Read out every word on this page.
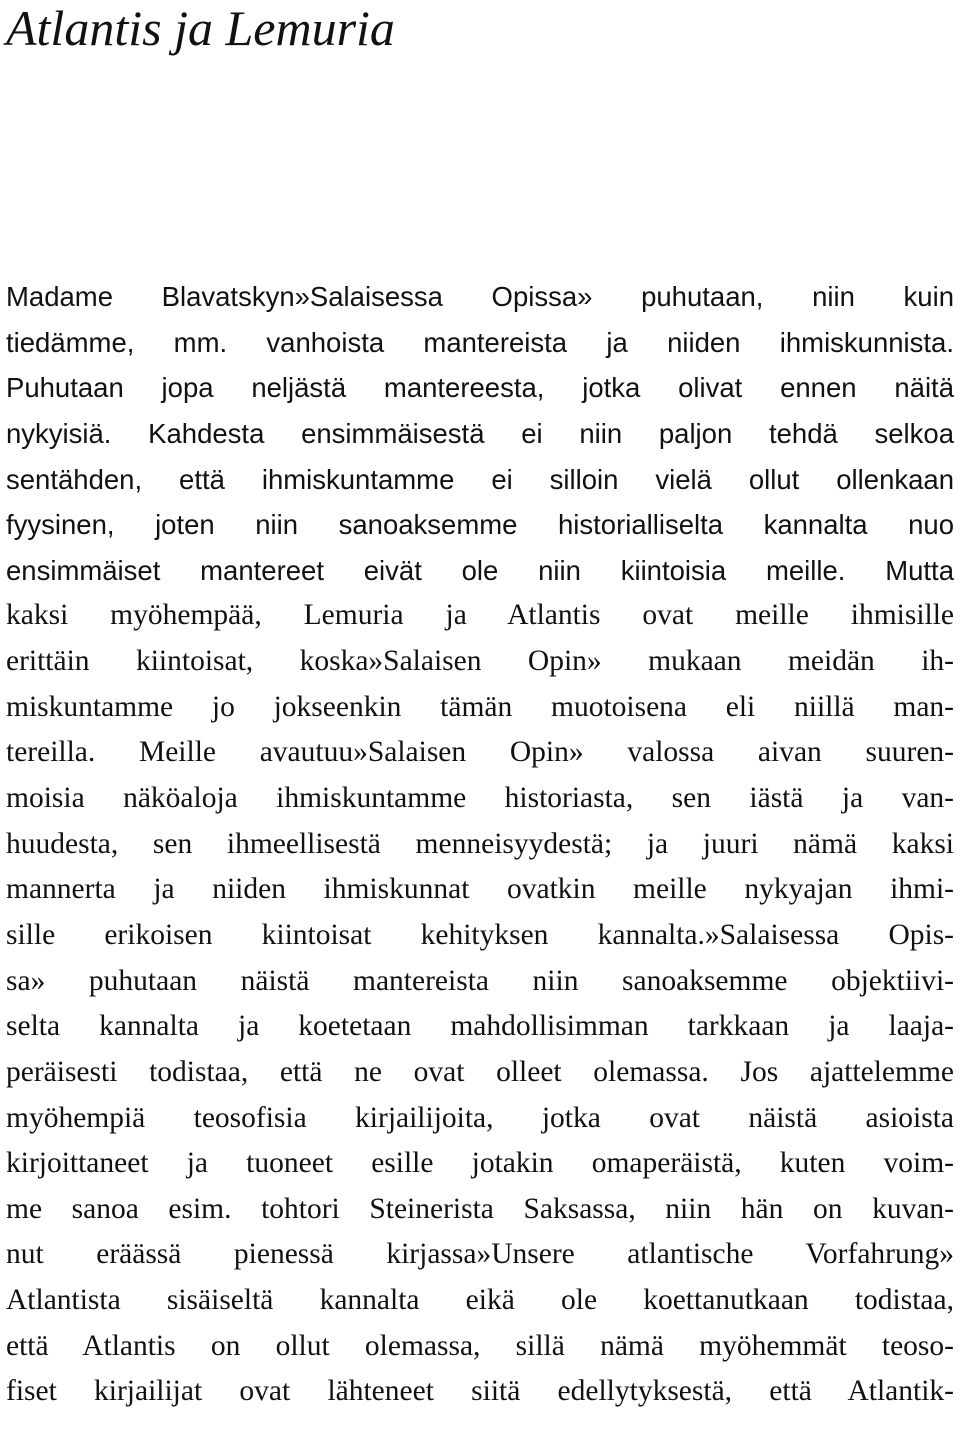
Atlantis ja Lemuria
Madame Blavatskyn»Salaisessa Opissa» puhutaan, niin kuin
tiedämme, mm. vanhoista mantereista ja niiden ihmiskunnista.
Puhutaan jopa neljästä mantereesta, jotka olivat ennen näitä
nykyisiä. Kahdesta ensimmäisestä ei niin paljon tehdä selkoa
sentähden, että ihmiskuntamme ei silloin vielä ollut ollenkaan
fyysinen, joten niin sanoaksemme historialliselta kannalta nuo
ensimmäiset mantereet eivät ole niin kiintoisia meille. Mutta
kaksi myöhempää, Lemuria ja Atlantis ovat meille ihmisille
erittäin kiintoisat, koska»Salaisen Opin» mukaan meidän ih-
miskuntamme jo jokseenkin tämän muotoisena eli niillä man-
tereilla. Meille avautuu»Salaisen Opin» valossa aivan suuren-
moisia näköaloja ihmiskuntamme historiasta, sen iästä ja van-
huudesta, sen ihmeellisestä menneisyydestä; ja juuri nämä kaksi
mannerta ja niiden ihmiskunnat ovatkin meille nykyajan ihmi-
sille erikoisen kiintoisat kehityksen kannalta.»Salaisessa Opis-
sa» puhutaan näistä mantereista niin sanoaksemme objektiivi-
selta kannalta ja koetetaan mahdollisimman tarkkaan ja laaja-
peräisesti todistaa, että ne ovat olleet olemassa. Jos ajattelemme
myöhempiä teosofisia kirjailijoita, jotka ovat näistä asioista
kirjoittaneet ja tuoneet esille jotakin omaperäistä, kuten voim-
me sanoa esim. tohtori Steinerista Saksassa, niin hän on kuvan-
nut eräässä pienessä kirjassa»Unsere atlantische Vorfahrung»
Atlantista sisäiseltä kannalta eikä ole koettanutkaan todistaa,
että Atlantis on ollut olemassa, sillä nämä myöhemmät teoso-
fiset kirjailijat ovat lähteneet siitä edellytyksestä, että Atlantik-
